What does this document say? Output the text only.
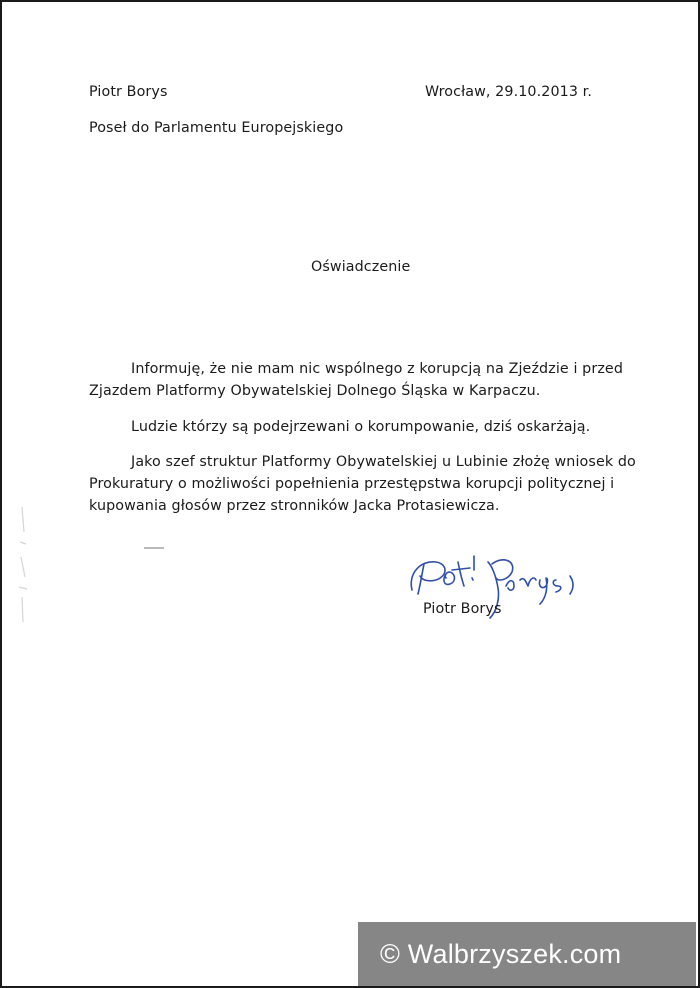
Piotr Borys	Wrocław, 29.10.2013 r.
Poseł do Parlamentu Europejskiego
Oświadczenie
Informuję, że nie mam nic wspólnego z korupcją na Zjeździe i przed
Zjazdem Platformy Obywatelskiej Dolnego Śląska w Karpaczu.
Ludzie którzy są podejrzewani o korumpowanie, dziś oskarżają.
Jako szef struktur Platformy Obywatelskiej u Lubinie złożę wniosek do
Prokuratury o możliwości popełnienia przestępstwa korupcji politycznej i
kupowania głosów przez stronników Jacka Protasiewicza.
Piotr Borys
© Walbrzyszek.com
